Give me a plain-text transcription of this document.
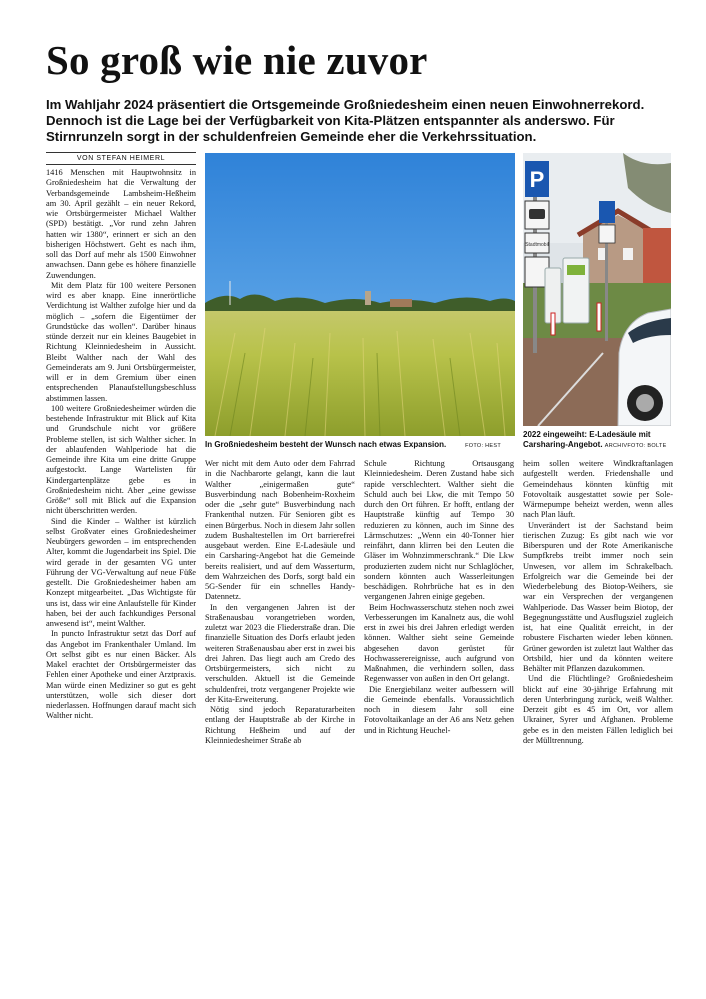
So groß wie nie zuvor

Im Wahljahr 2024 präsentiert die Ortsgemeinde Großniedesheim einen neuen Einwohnerrekord. Dennoch ist die Lage bei der Verfügbarkeit von Kita-Plätzen entspannter als anderswo. Für Stirnrunzeln sorgt in der schuldenfreien Gemeinde eher die Verkehrssituation.

VON STEFAN HEIMERL

1416 Menschen mit Hauptwohnsitz in Großniedesheim hat die Verwaltung der Verbandsgemeinde Lambsheim-Heßheim am 30. April gezählt – ein neuer Rekord, wie Ortsbürgermeister Michael Walther (SPD) bestätigt. „Vor rund zehn Jahren hatten wir 1380“, erinnert er sich an den bisherigen Höchstwert. Geht es nach ihm, soll das Dorf auf mehr als 1500 Einwohner anwachsen. Dann gebe es höhere finanzielle Zuwendungen.

Mit dem Platz für 100 weitere Personen wird es aber knapp. Eine innerörtliche Verdichtung ist Walther zufolge hier und da möglich – „sofern die Eigentümer der Grundstücke das wollen“. Darüber hinaus stünde derzeit nur ein kleines Baugebiet in Richtung Kleinniedesheim in Aussicht. Bleibt Walther nach der Wahl des Gemeinderats am 9. Juni Ortsbürgermeister, will er in dem Gremium über einen entsprechenden Planaufstellungsbeschluss abstimmen lassen.

100 weitere Großniedesheimer würden die bestehende Infrastruktur mit Blick auf Kita und Grundschule nicht vor größere Probleme stellen, ist sich Walther sicher. In der ablaufenden Wahlperiode hat die Gemeinde ihre Kita um eine dritte Gruppe aufgestockt. Lange Wartelisten für Kindergartenplätze gebe es in Großniedesheim nicht. Aber „eine gewisse Größe“ soll mit Blick auf die Expansion nicht überschritten werden.

Sind die Kinder – Walther ist kürzlich selbst Großvater eines Großniedesheimer Neubürgers geworden – im entsprechenden Alter, kommt die Jugendarbeit ins Spiel. Die wird gerade in der gesamten VG unter Führung der VG-Verwaltung auf neue Füße gestellt. Die Großniedesheimer haben am Konzept mitgearbeitet. „Das Wichtigste für uns ist, dass wir eine Anlaufstelle für Kinder haben, bei der auch fachkundiges Personal anwesend ist“, meint Walther.

In puncto Infrastruktur setzt das Dorf auf das Angebot im Frankenthaler Umland. Im Ort selbst gibt es nur einen Bäcker. Als Makel erachtet der Ortsbürgermeister das Fehlen einer Apotheke und einer Arztpraxis. Man würde einen Mediziner so gut es geht unterstützen, wolle sich dieser dort niederlassen. Hoffnungen darauf macht sich Walther nicht.

In Großniedesheim besteht der Wunsch nach etwas Expansion.	FOTO: HEST
P
Stadtmobil
2022 eingeweiht: E-Ladesäule mit Carsharing-Angebot. ARCHIVFOTO: BOLTE

Wer nicht mit dem Auto oder dem Fahrrad in die Nachbarorte gelangt, kann die laut Walther „einigermaßen gute“ Busverbindung nach Bobenheim-Roxheim oder die „sehr gute“ Busverbindung nach Frankenthal nutzen. Für Senioren gibt es einen Bürgerbus. Noch in diesem Jahr sollen zudem Bushaltestellen im Ort barrierefrei ausgebaut werden. Eine E-Ladesäule und ein Carsharing-Angebot hat die Gemeinde bereits realisiert, und auf dem Wasserturm, dem Wahrzeichen des Dorfs, sorgt bald ein 5G-Sender für ein schnelles Handy-Datennetz.

In den vergangenen Jahren ist der Straßenausbau vorangetrieben worden, zuletzt war 2023 die Fliederstraße dran. Die finanzielle Situation des Dorfs erlaubt jeden weiteren Straßenausbau aber erst in zwei bis drei Jahren. Das liegt auch am Credo des Ortsbürgermeisters, sich nicht zu verschulden. Aktuell ist die Gemeinde schuldenfrei, trotz vergangener Projekte wie der Kita-Erweiterung.

Nötig sind jedoch Reparaturarbeiten entlang der Hauptstraße ab der Kirche in Richtung Heßheim und auf der Kleinniedesheimer Straße ab

Schule Richtung Ortsausgang Kleinniedesheim. Deren Zustand habe sich rapide verschlechtert. Walther sieht die Schuld auch bei Lkw, die mit Tempo 50 durch den Ort führen. Er hofft, entlang der Hauptstraße künftig auf Tempo 30 reduzieren zu können, auch im Sinne des Lärmschutzes: „Wenn ein 40-Tonner hier reinfährt, dann klirren bei den Leuten die Gläser im Wohnzimmerschrank.“ Die Lkw produzierten zudem nicht nur Schlaglöcher, sondern könnten auch Wasserleitungen beschädigen. Rohrbrüche hat es in den vergangenen Jahren einige gegeben.

Beim Hochwasserschutz stehen noch zwei Verbesserungen im Kanalnetz aus, die wohl erst in zwei bis drei Jahren erledigt werden können. Walther sieht seine Gemeinde abgesehen davon gerüstet für Hochwasserereignisse, auch aufgrund von Maßnahmen, die verhindern sollen, dass Regenwasser von außen in den Ort gelangt.

Die Energiebilanz weiter aufbessern will die Gemeinde ebenfalls. Voraussichtlich noch in diesem Jahr soll eine Fotovoltaikanlage an der A6 ans Netz gehen und in Richtung Heuchel-

heim sollen weitere Windkraftanlagen aufgestellt werden. Friedenshalle und Gemeindehaus könnten künftig mit Fotovoltaik ausgestattet sowie per Sole-Wärmepumpe beheizt werden, wenn alles nach Plan läuft.

Unverändert ist der Sachstand beim tierischen Zuzug: Es gibt nach wie vor Biberspuren und der Rote Amerikanische Sumpfkrebs treibt immer noch sein Unwesen, vor allem im Schrakelbach. Erfolgreich war die Gemeinde bei der Wiederbelebung des Biotop-Weihers, sie war ein Versprechen der vergangenen Wahlperiode. Das Wasser beim Biotop, der Begegnungsstätte und Ausflugsziel zugleich ist, hat eine Qualität erreicht, in der robustere Fischarten wieder leben können. Grüner geworden ist zuletzt laut Walther das Ortsbild, hier und da könnten weitere Behälter mit Pflanzen dazukommen.

Und die Flüchtlinge? Großniedesheim blickt auf eine 30-jährige Erfahrung mit deren Unterbringung zurück, weiß Walther. Derzeit gibt es 45 im Ort, vor allem Ukrainer, Syrer und Afghanen. Probleme gebe es in den meisten Fällen lediglich bei der Mülltrennung.
